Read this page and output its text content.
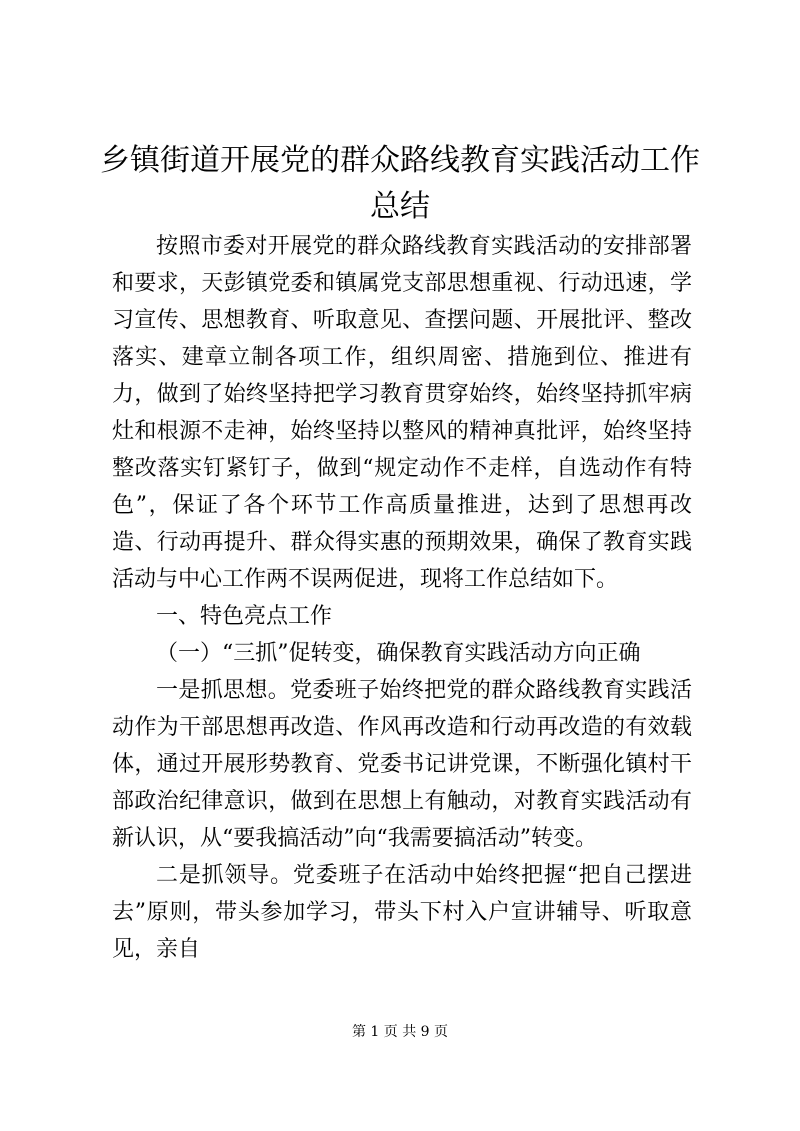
乡镇街道开展党的群众路线教育实践活动工作总结

按照市委对开展党的群众路线教育实践活动的安排部署和要求，天彭镇党委和镇属党支部思想重视、行动迅速，学习宣传、思想教育、听取意见、查摆问题、开展批评、整改落实、建章立制各项工作，组织周密、措施到位、推进有力，做到了始终坚持把学习教育贯穿始终，始终坚持抓牢病灶和根源不走神，始终坚持以整风的精神真批评，始终坚持整改落实钉紧钉子，做到“规定动作不走样，自选动作有特色”，保证了各个环节工作高质量推进，达到了思想再改造、行动再提升、群众得实惠的预期效果，确保了教育实践活动与中心工作两不误两促进，现将工作总结如下。

一、特色亮点工作

（一）“三抓”促转变，确保教育实践活动方向正确

一是抓思想。党委班子始终把党的群众路线教育实践活动作为干部思想再改造、作风再改造和行动再改造的有效载体，通过开展形势教育、党委书记讲党课，不断强化镇村干部政治纪律意识，做到在思想上有触动，对教育实践活动有新认识，从“要我搞活动”向“我需要搞活动”转变。

二是抓领导。党委班子在活动中始终把握“把自己摆进去”原则，带头参加学习，带头下村入户宣讲辅导、听取意见，亲自

第 1 页 共 9 页
